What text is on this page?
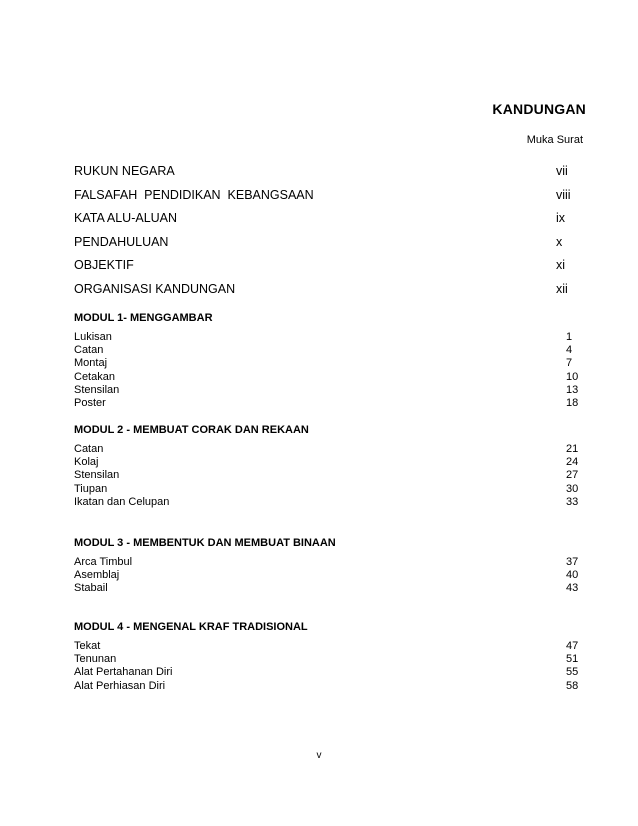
KANDUNGAN
Muka Surat
RUKUN NEGARA	vii
FALSAFAH  PENDIDIKAN  KEBANGSAAN	viii
KATA ALU-ALUAN	ix
PENDAHULUAN	x
OBJEKTIF	xi
ORGANISASI KANDUNGAN	xii
MODUL 1- MENGGAMBAR
Lukisan	1
Catan	4
Montaj	7
Cetakan	10
Stensilan	13
Poster	18
MODUL 2 - MEMBUAT CORAK DAN REKAAN
Catan	21
Kolaj	24
Stensilan	27
Tiupan	30
Ikatan dan Celupan	33
MODUL 3 - MEMBENTUK DAN MEMBUAT BINAAN
Arca Timbul	37
Asemblaj	40
Stabail	43
MODUL 4 - MENGENAL KRAF TRADISIONAL
Tekat	47
Tenunan	51
Alat Pertahanan Diri	55
Alat Perhiasan Diri	58
v
